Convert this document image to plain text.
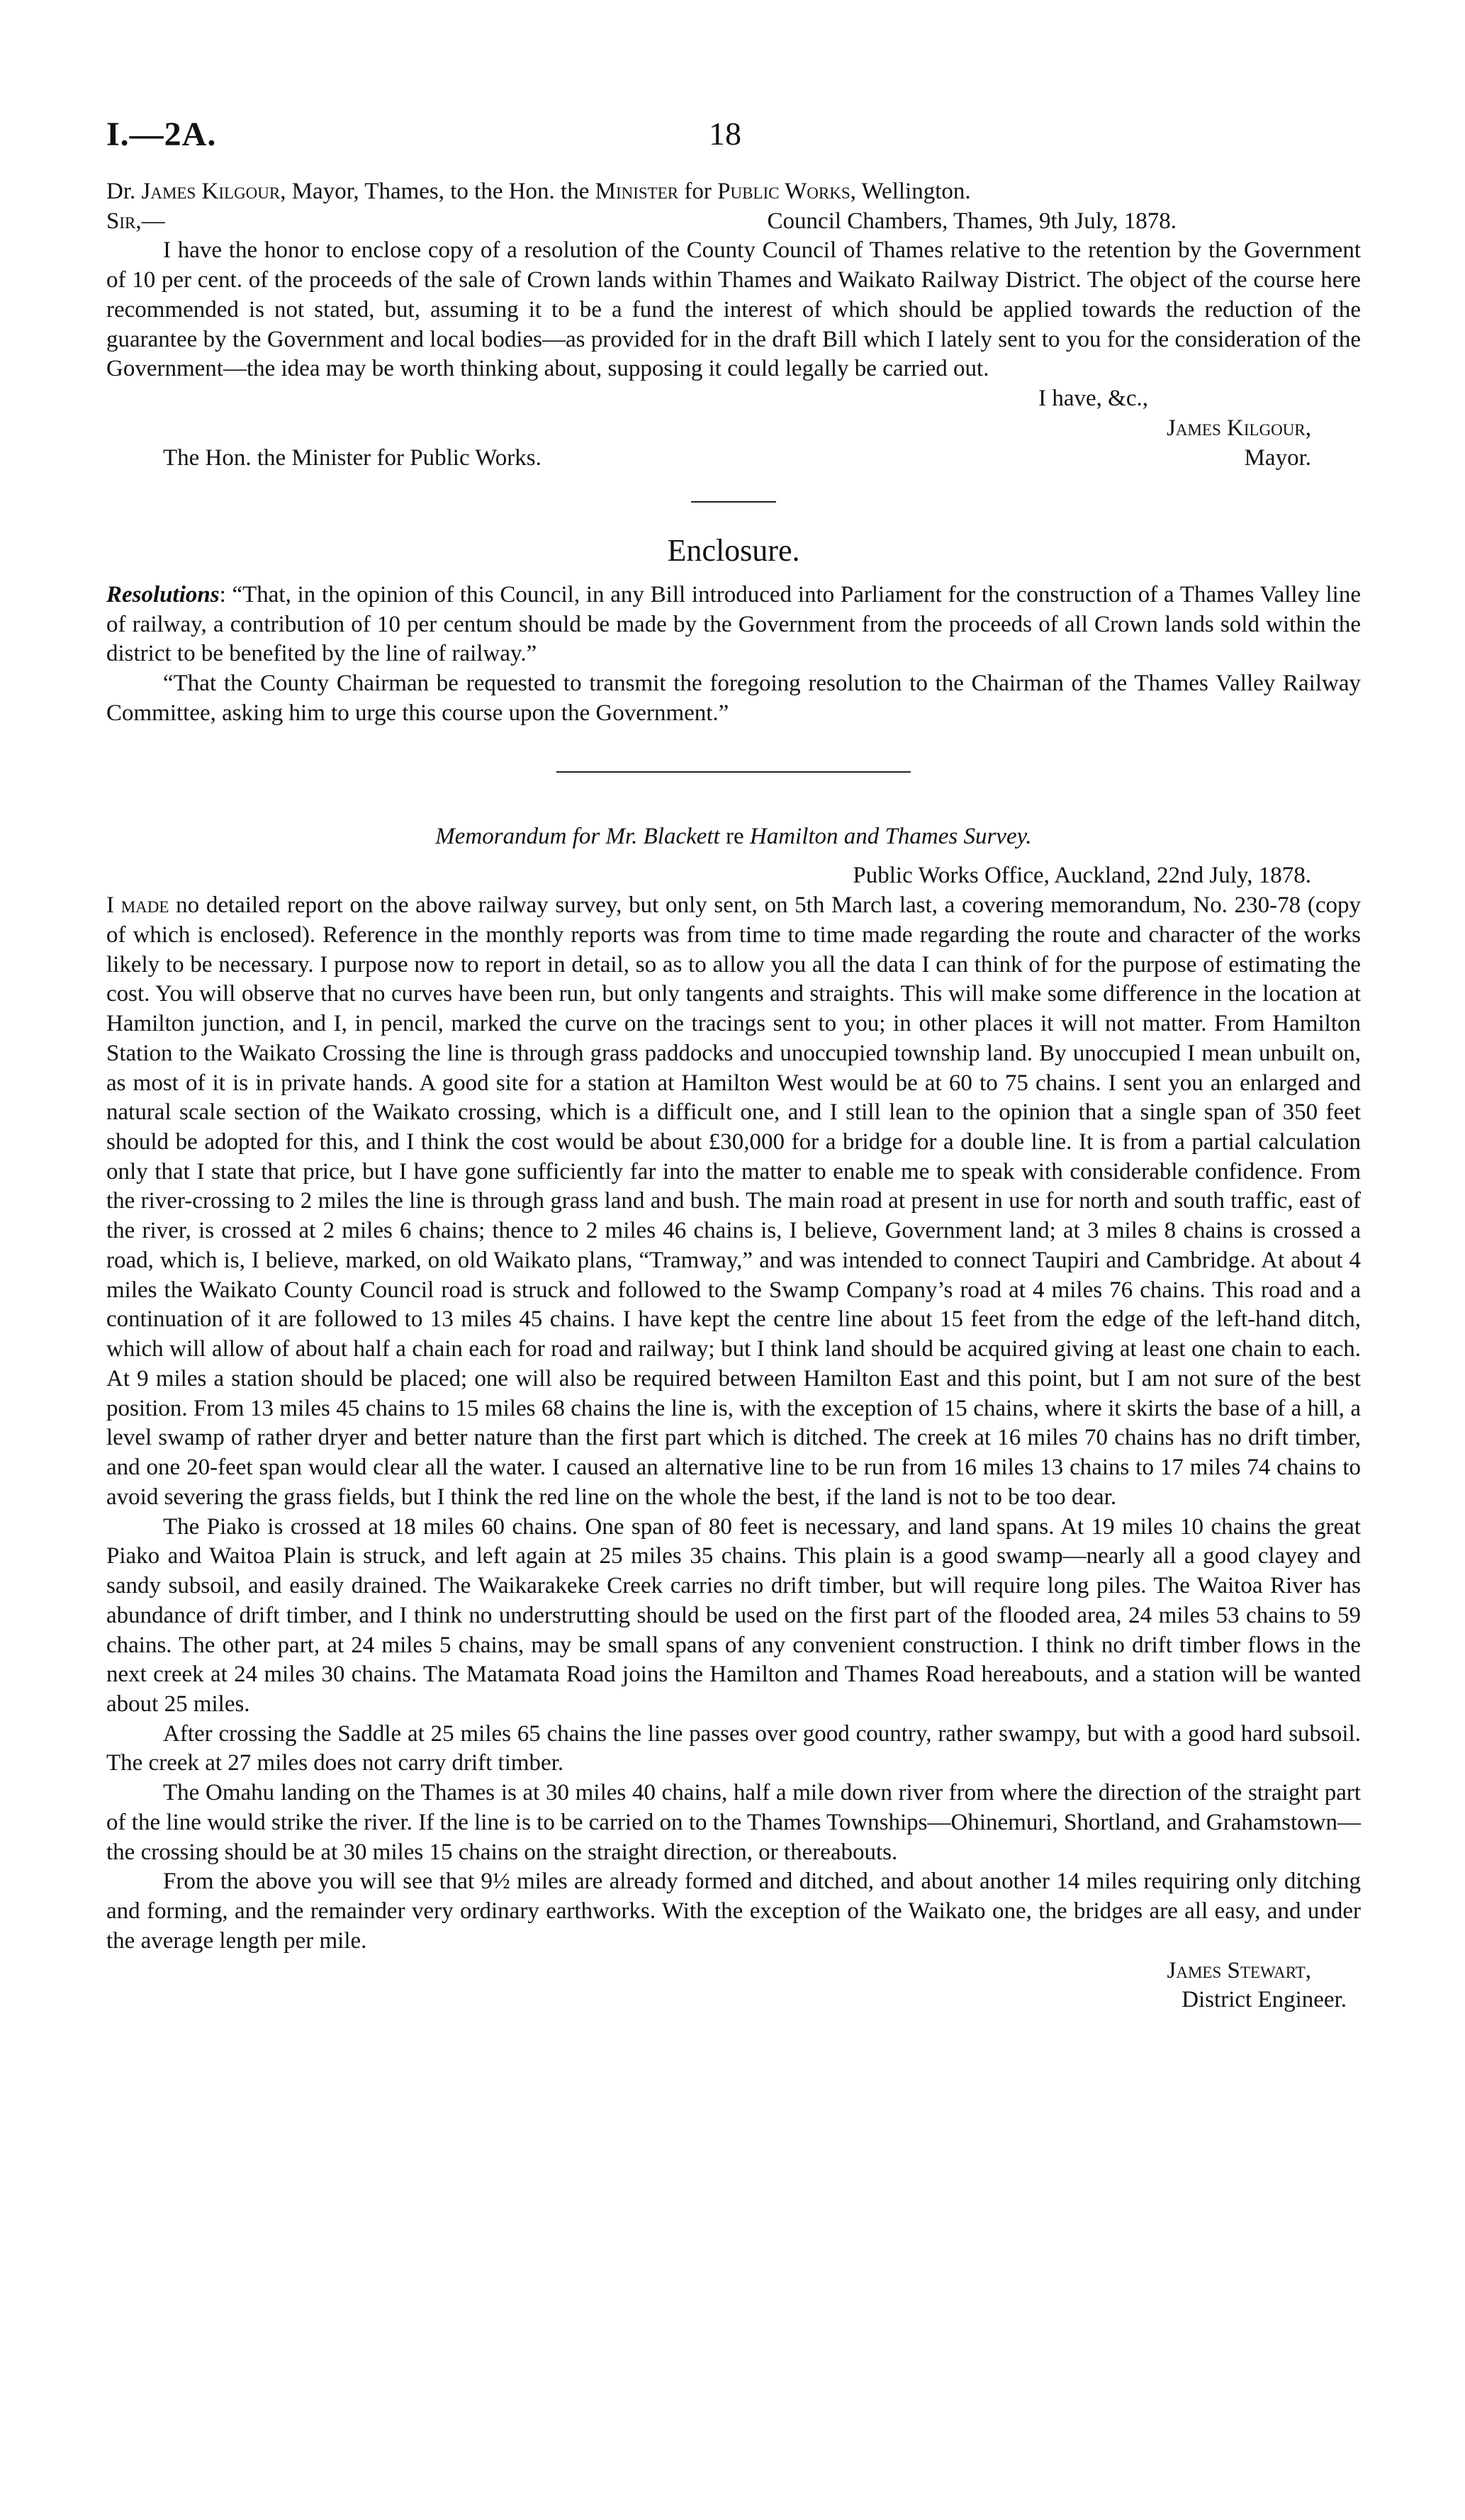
I.—2A.	18

Dr. James Kilgour, Mayor, Thames, to the Hon. the Minister for Public Works, Wellington.

Sir,—	Council Chambers, Thames, 9th July, 1878.

I have the honor to enclose copy of a resolution of the County Council of Thames relative to the retention by the Government of 10 per cent. of the proceeds of the sale of Crown lands within Thames and Waikato Railway District. The object of the course here recommended is not stated, but, assuming it to be a fund the interest of which should be applied towards the reduction of the guarantee by the Government and local bodies—as provided for in the draft Bill which I lately sent to you for the consideration of the Government—the idea may be worth thinking about, supposing it could legally be carried out.

I have, &c.,
James Kilgour,
The Hon. the Minister for Public Works.	Mayor.
Enclosure.

Resolutions: “That, in the opinion of this Council, in any Bill introduced into Parliament for the construction of a Thames Valley line of railway, a contribution of 10 per centum should be made by the Government from the proceeds of all Crown lands sold within the district to be benefited by the line of railway.”

“That the County Chairman be requested to transmit the foregoing resolution to the Chairman of the Thames Valley Railway Committee, asking him to urge this course upon the Government.”

Memorandum for Mr. Blackett re Hamilton and Thames Survey.
Public Works Office, Auckland, 22nd July, 1878.

I made no detailed report on the above railway survey, but only sent, on 5th March last, a covering memorandum, No. 230-78 (copy of which is enclosed). Reference in the monthly reports was from time to time made regarding the route and character of the works likely to be necessary. I purpose now to report in detail, so as to allow you all the data I can think of for the purpose of estimating the cost. You will observe that no curves have been run, but only tangents and straights. This will make some difference in the location at Hamilton junction, and I, in pencil, marked the curve on the tracings sent to you; in other places it will not matter. From Hamilton Station to the Waikato Crossing the line is through grass paddocks and unoccupied township land. By unoccupied I mean unbuilt on, as most of it is in private hands. A good site for a station at Hamilton West would be at 60 to 75 chains. I sent you an enlarged and natural scale section of the Waikato crossing, which is a difficult one, and I still lean to the opinion that a single span of 350 feet should be adopted for this, and I think the cost would be about £30,000 for a bridge for a double line. It is from a partial calculation only that I state that price, but I have gone sufficiently far into the matter to enable me to speak with considerable confidence. From the river-crossing to 2 miles the line is through grass land and bush. The main road at present in use for north and south traffic, east of the river, is crossed at 2 miles 6 chains; thence to 2 miles 46 chains is, I believe, Government land; at 3 miles 8 chains is crossed a road, which is, I believe, marked, on old Waikato plans, “Tramway,” and was intended to connect Taupiri and Cambridge. At about 4 miles the Waikato County Council road is struck and followed to the Swamp Company’s road at 4 miles 76 chains. This road and a continuation of it are followed to 13 miles 45 chains. I have kept the centre line about 15 feet from the edge of the left-hand ditch, which will allow of about half a chain each for road and railway; but I think land should be acquired giving at least one chain to each. At 9 miles a station should be placed; one will also be required between Hamilton East and this point, but I am not sure of the best position. From 13 miles 45 chains to 15 miles 68 chains the line is, with the exception of 15 chains, where it skirts the base of a hill, a level swamp of rather dryer and better nature than the first part which is ditched. The creek at 16 miles 70 chains has no drift timber, and one 20-feet span would clear all the water. I caused an alternative line to be run from 16 miles 13 chains to 17 miles 74 chains to avoid severing the grass fields, but I think the red line on the whole the best, if the land is not to be too dear.

The Piako is crossed at 18 miles 60 chains. One span of 80 feet is necessary, and land spans. At 19 miles 10 chains the great Piako and Waitoa Plain is struck, and left again at 25 miles 35 chains. This plain is a good swamp—nearly all a good clayey and sandy subsoil, and easily drained. The Waikarakeke Creek carries no drift timber, but will require long piles. The Waitoa River has abundance of drift timber, and I think no understrutting should be used on the first part of the flooded area, 24 miles 53 chains to 59 chains. The other part, at 24 miles 5 chains, may be small spans of any convenient construction. I think no drift timber flows in the next creek at 24 miles 30 chains. The Matamata Road joins the Hamilton and Thames Road hereabouts, and a station will be wanted about 25 miles.

After crossing the Saddle at 25 miles 65 chains the line passes over good country, rather swampy, but with a good hard subsoil. The creek at 27 miles does not carry drift timber.

The Omahu landing on the Thames is at 30 miles 40 chains, half a mile down river from where the direction of the straight part of the line would strike the river. If the line is to be carried on to the Thames Townships—Ohinemuri, Shortland, and Grahamstown—the crossing should be at 30 miles 15 chains on the straight direction, or thereabouts.

From the above you will see that 9½ miles are already formed and ditched, and about another 14 miles requiring only ditching and forming, and the remainder very ordinary earthworks. With the exception of the Waikato one, the bridges are all easy, and under the average length per mile.

James Stewart,
District Engineer.
